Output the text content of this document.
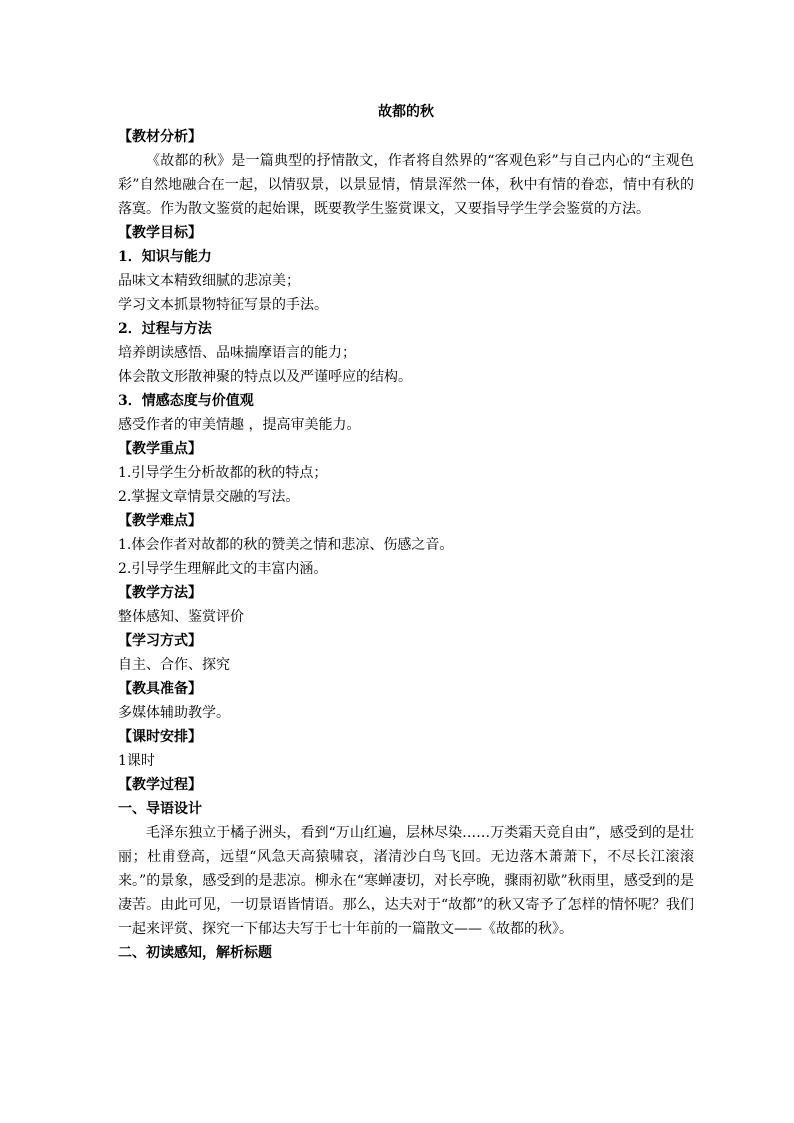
故都的秋
【教材分析】
《故都的秋》是一篇典型的抒情散文，作者将自然界的“客观色彩”与自己内心的“主观色彩”自然地融合在一起，以情驭景，以景显情，情景浑然一体，秋中有情的眷恋，情中有秋的落寞。作为散文鉴赏的起始课，既要教学生鉴赏课文，又要指导学生学会鉴赏的方法。
【教学目标】
1．知识与能力
品味文本精致细腻的悲凉美；
学习文本抓景物特征写景的手法。
2．过程与方法
培养朗读感悟、品味揣摩语言的能力；
体会散文形散神聚的特点以及严谨呼应的结构。
3．情感态度与价值观
感受作者的审美情趣 ，提高审美能力。
【教学重点】
1.引导学生分析故都的秋的特点；
2.掌握文章情景交融的写法。
【教学难点】
1.体会作者对故都的秋的赞美之情和悲凉、伤感之音。
2.引导学生理解此文的丰富内涵。
【教学方法】
整体感知、鉴赏评价
【学习方式】
自主、合作、探究
【教具准备】
多媒体辅助教学。
【课时安排】
1课时
【教学过程】
一、导语设计
毛泽东独立于橘子洲头，看到“万山红遍，层林尽染……万类霜天竞自由”，感受到的是壮丽；杜甫登高，远望“风急天高猿啸哀，渚清沙白鸟飞回。无边落木萧萧下，不尽长江滚滚来。”的景象，感受到的是悲凉。柳永在“寒蝉凄切，对长亭晚，骤雨初歇”秋雨里，感受到的是凄苦。由此可见，一切景语皆情语。那么，达夫对于“故都”的秋又寄予了怎样的情怀呢？我们一起来评赏、探究一下郁达夫写于七十年前的一篇散文——《故都的秋》。
二、初读感知，解析标题
